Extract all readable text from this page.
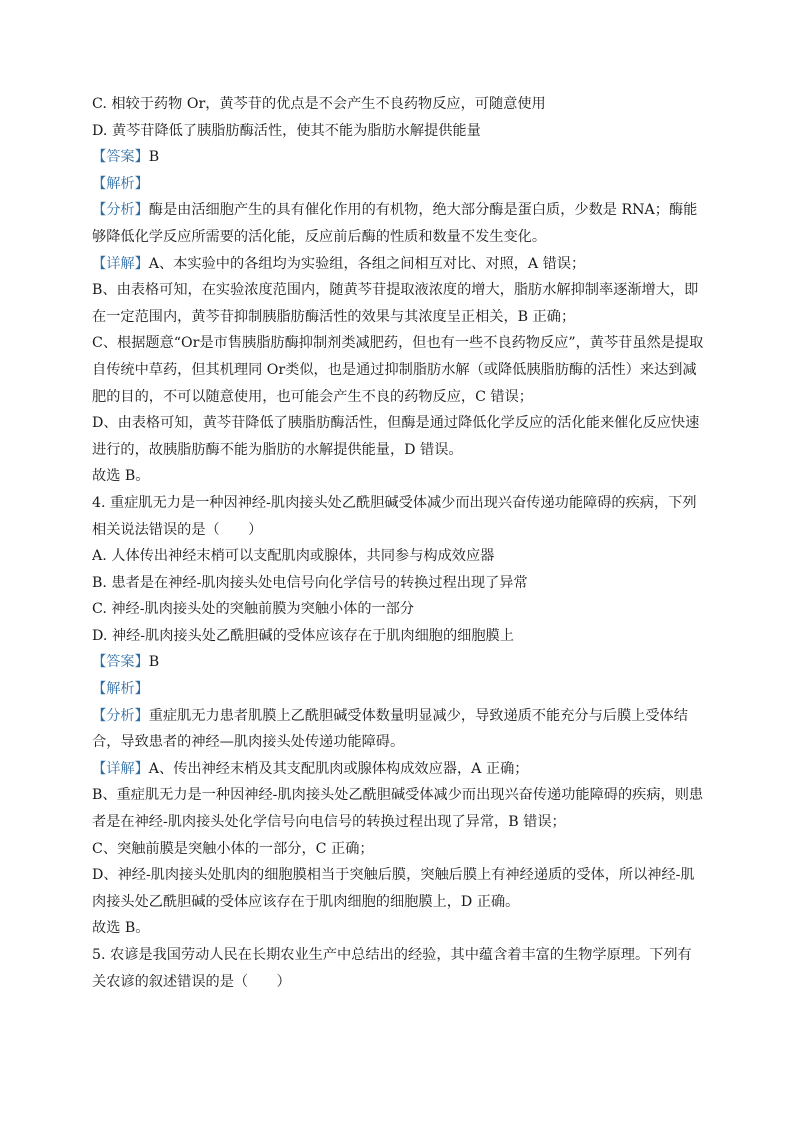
C. 相较于药物 Or，黄芩苷的优点是不会产生不良药物反应，可随意使用
D. 黄芩苷降低了胰脂肪酶活性，使其不能为脂肪水解提供能量
【答案】B
【解析】
【分析】酶是由活细胞产生的具有催化作用的有机物，绝大部分酶是蛋白质，少数是 RNA；酶能
够降低化学反应所需要的活化能，反应前后酶的性质和数量不发生变化。
【详解】A、本实验中的各组均为实验组，各组之间相互对比、对照，A 错误；
B、由表格可知，在实验浓度范围内，随黄芩苷提取液浓度的增大，脂肪水解抑制率逐渐增大，即
在一定范围内，黄芩苷抑制胰脂肪酶活性的效果与其浓度呈正相关，B 正确；
C、根据题意“Or是市售胰脂肪酶抑制剂类减肥药，但也有一些不良药物反应”，黄芩苷虽然是提取
自传统中草药，但其机理同 Or类似，也是通过抑制脂肪水解（或降低胰脂肪酶的活性）来达到减
肥的目的，不可以随意使用，也可能会产生不良的药物反应，C 错误；
D、由表格可知，黄芩苷降低了胰脂肪酶活性，但酶是通过降低化学反应的活化能来催化反应快速
进行的，故胰脂肪酶不能为脂肪的水解提供能量，D 错误。
故选 B。
4. 重症肌无力是一种因神经-肌肉接头处乙酰胆碱受体减少而出现兴奋传递功能障碍的疾病，下列
相关说法错误的是（　　）
A. 人体传出神经末梢可以支配肌肉或腺体，共同参与构成效应器
B. 患者是在神经-肌肉接头处电信号向化学信号的转换过程出现了异常
C. 神经-肌肉接头处的突触前膜为突触小体的一部分
D. 神经-肌肉接头处乙酰胆碱的受体应该存在于肌肉细胞的细胞膜上
【答案】B
【解析】
【分析】重症肌无力患者肌膜上乙酰胆碱受体数量明显减少，导致递质不能充分与后膜上受体结
合，导致患者的神经—肌肉接头处传递功能障碍。
【详解】A、传出神经末梢及其支配肌肉或腺体构成效应器，A 正确；
B、重症肌无力是一种因神经-肌肉接头处乙酰胆碱受体减少而出现兴奋传递功能障碍的疾病，则患
者是在神经-肌肉接头处化学信号向电信号的转换过程出现了异常，B 错误；
C、突触前膜是突触小体的一部分，C 正确；
D、神经-肌肉接头处肌肉的细胞膜相当于突触后膜，突触后膜上有神经递质的受体，所以神经-肌
肉接头处乙酰胆碱的受体应该存在于肌肉细胞的细胞膜上，D 正确。
故选 B。
5. 农谚是我国劳动人民在长期农业生产中总结出的经验，其中蕴含着丰富的生物学原理。下列有
关农谚的叙述错误的是（　　）
